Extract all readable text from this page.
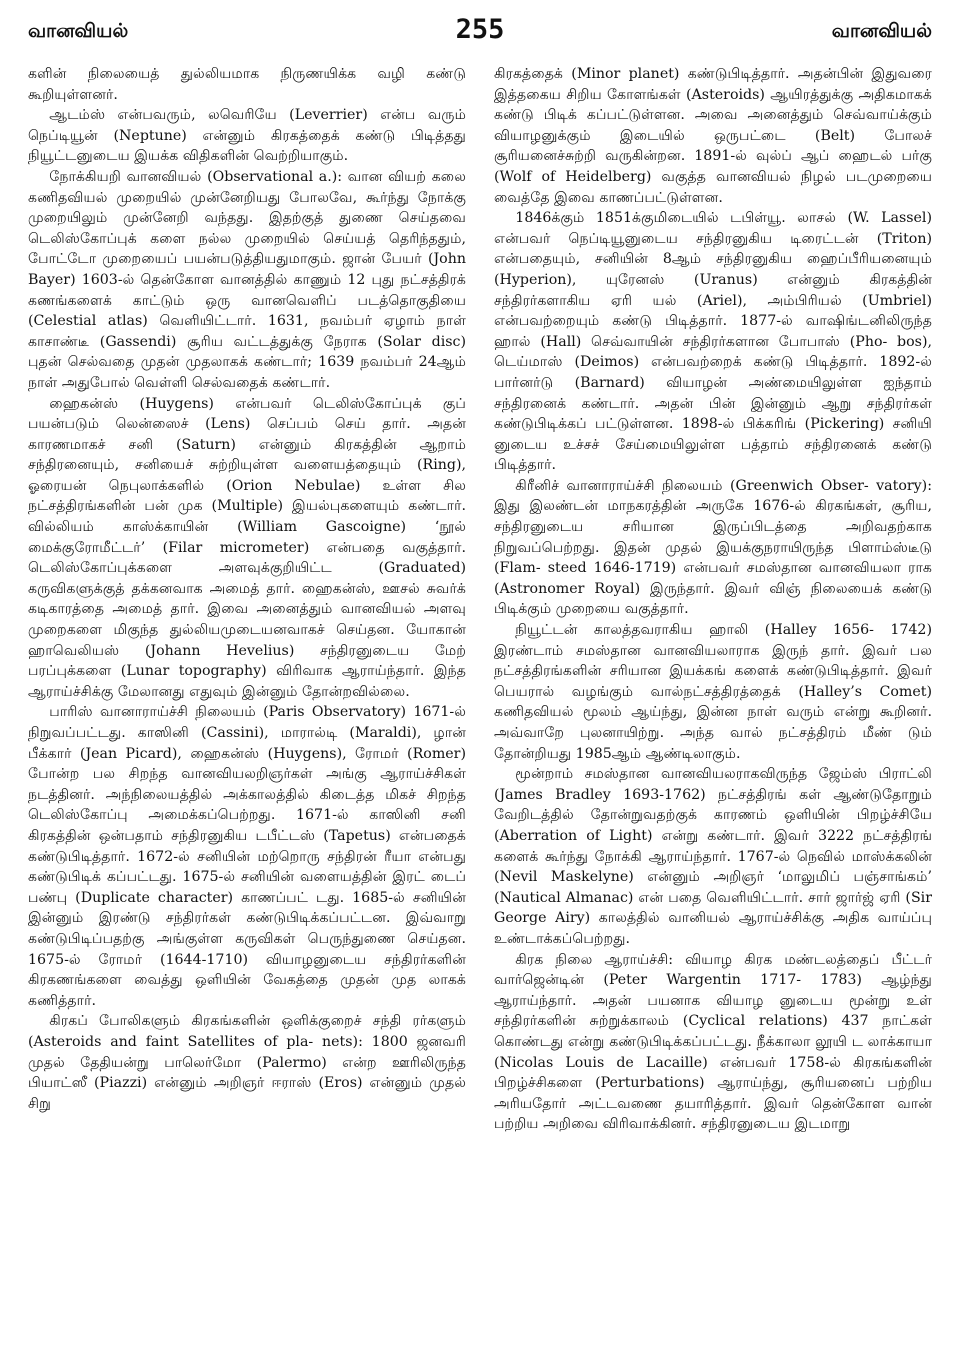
வானவியல்	255	வானவியல்

களின் நிலையைத் துல்லியமாக நிருணயிக்க வழி கண்டு கூறியுள்ளனர்.

ஆடம்ஸ் என்பவரும், லவெரியே (Leverrier) என்ப வரும் நெப்டியூன் (Neptune) என்னும் கிரகத்தைக் கண்டு பிடித்தது நியூட்டனுடைய இயக்க விதிகளின் வெற்றியாகும்.

நோக்கியறி வானவியல் (Observational a.): வான வியற் கலை கணிதவியல் முறையில் முன்னேறியது போலவே, கூர்ந்து நோக்கு முறையிலும் முன்னேறி வந்தது. இதற்குத் துணை செய்தவை டெலிஸ்கோப்புக் களை நல்ல முறையில் செய்யத் தெரிந்ததும், போட்டோ முறையைப் பயன்படுத்தியதுமாகும். ஜான் பேயர் (John Bayer) 1603-ல் தென்கோள வானத்தில் காணும் 12 புது நட்சத்திரக் கணங்களைக் காட்டும் ஒரு வானவெளிப் படத்தொகுதியை (Celestial atlas) வெளியிட்டார். 1631, நவம்பர் ஏழாம் நாள் காசாண்டீ (Gassendi) சூரிய வட்டத்துக்கு நேராக (Solar disc) புதன் செல்வதை முதன் முதலாகக் கண்டார்; 1639 நவம்பர் 24ஆம் நாள் அதுபோல் வெள்ளி செல்வதைக் கண்டார்.

ஹைகன்ஸ் (Huygens) என்பவர் டெலிஸ்கோப்புக் குப் பயன்படும் லென்ஸைச் (Lens) செப்பம் செய் தார். அதன் காரணமாகச் சனி (Saturn) என்னும் கிரகத்தின் ஆறாம் சந்திரனையும், சனியைச் சுற்றியுள்ள வளையத்தையும் (Ring), ஓரையன் நெபுலாக்களில் (Orion Nebulae) உள்ள சில நட்சத்திரங்களின் பன் முக (Multiple) இயல்புகளையும் கண்டார். வில்லியம் காஸ்க்காயின் (William Gascoigne) ‘நூல் மைக்குரோமீட்டர்’ (Filar micrometer) என்பதை வகுத்தார். டெலிஸ்கோப்புக்களை அளவுக்குறியிட்ட (Graduated) கருவிகளுக்குத் தக்கனவாக அமைத் தார். ஹைகன்ஸ், ஊசல் சுவர்க் கடிகாரத்தை அமைத் தார். இவை அனைத்தும் வானவியல் அளவு முறைகளை மிகுந்த துல்லியமுடையனவாகச் செய்தன. யோகான் ஹாவெலியஸ் (Johann Hevelius) சந்திரனுடைய மேற் பரப்புக்களை (Lunar topography) விரிவாக ஆராய்ந்தார். இந்த ஆராய்ச்சிக்கு மேலானது எதுவும் இன்னும் தோன்றவில்லை.

பாரிஸ் வானாராய்ச்சி நிலையம் (Paris Observatory) 1671-ல் நிறுவப்பட்டது. காஸினி (Cassini), மாரால்டி (Maraldi), ழான் பீக்கார் (Jean Picard), ஹைகன்ஸ் (Huygens), ரோமர் (Romer) போன்ற பல சிறந்த வானவியலறிஞர்கள் அங்கு ஆராய்ச்சிகள் நடத்தினர். அந்நிலையத்தில் அக்காலத்தில் கிடைத்த மிகச் சிறந்த டெலிஸ்கோப்பு அமைக்கப்பெற்றது. 1671-ல் காஸினி சனி கிரகத்தின் ஒன்பதாம் சந்திரனுகிய டபீட்டஸ் (Tapetus) என்பதைக் கண்டுபிடித்தார். 1672-ல் சனியின் மற்றொரு சந்திரன் ரீயா என்பது கண்டுபிடிக் கப்பட்டது. 1675-ல் சனியின் வளையத்தின் இரட் டைப் பண்பு (Duplicate character) காணப்பட் டது. 1685-ல் சனியின் இன்னும் இரண்டு சந்திரர்கள் கண்டுபிடிக்கப்பட்டன. இவ்வாறு கண்டுபிடிப்பதற்கு அங்குள்ள கருவிகள் பெருந்துணை செய்தன. 1675-ல் ரோமர் (1644-1710) வியாழனுடைய சந்திரர்களின் கிரகணங்களை வைத்து ஒளியின் வேகத்தை முதன் முத லாகக் கணித்தார்.

கிரகப் போலிகளும் கிரகங்களின் ஒளிக்குறைச் சந்தி ரர்களும் (Asteroids and faint Satellites of pla- nets): 1800 ஜனவரி முதல் தேதியன்று பாலெர்மோ (Palermo) என்ற ஊரிலிருந்த பியாட்ஸீ (Piazzi) என்னும் அறிஞர் ஈராஸ் (Eros) என்னும் முதல் சிறு

கிரகத்தைக் (Minor planet) கண்டுபிடித்தார். அதன்பின் இதுவரை இத்தகைய சிறிய கோளங்கள் (Asteroids) ஆயிரத்துக்கு அதிகமாகக் கண்டு பிடிக் கப்பட்டுள்ளன. அவை அனைத்தும் செவ்வாய்க்கும் வியாழனுக்கும் இடையில் ஒருபட்டை (Belt) போலச் சூரியனைச்சுற்றி வருகின்றன. 1891-ல் வுல்ப் ஆப் ஹைடல் பர்கு (Wolf of Heidelberg) வகுத்த வானவியல் நிழல் படமுறையை வைத்தே இவை காணப்பட்டுள்ளன.

1846க்கும் 1851க்குமிடையில் டபிள்யூ. லாசல் (W. Lassel) என்பவர் நெப்டியூனுடைய சந்திரனுகிய டிரைட்டன் (Triton) என்பதையும், சனியின் 8ஆம் சந்திரனுகிய ஹைப்பீரியனையும் (Hyperion), யுரேனஸ் (Uranus) என்னும் கிரகத்தின் சந்திரர்களாகிய ஏரி யல் (Ariel), அம்பிரியல் (Umbriel) என்பவற்றையும் கண்டு பிடித்தார். 1877-ல் வாஷிங்டனிலிருந்த ஹால் (Hall) செவ்வாயின் சந்திரர்களான போபாஸ் (Pho- bos), டெய்மாஸ் (Deimos) என்பவற்றைக் கண்டு பிடித்தார். 1892-ல் பார்னர்டு (Barnard) வியாழன் அண்மையிலுள்ள ஐந்தாம் சந்திரனைக் கண்டார். அதன் பின் இன்னும் ஆறு சந்திரர்கள் கண்டுபிடிக்கப் பட்டுள்ளன. 1898-ல் பிக்கரிங் (Pickering) சனியி னுடைய உச்சச் சேய்மையிலுள்ள பத்தாம் சந்திரனைக் கண்டு பிடித்தார்.

கிரீனிச் வானாராய்ச்சி நிலையம் (Greenwich Obser- vatory): இது இலண்டன் மாநகரத்தின் அருகே 1676-ல் கிரகங்கள், சூரிய, சந்திரனுடைய சரியான இருப்பிடத்தை அறிவதற்காக நிறுவப்பெற்றது. இதன் முதல் இயக்குநராயிருந்த பிளாம்ஸ்டீடு (Flam- steed 1646-1719) என்பவர் சமஸ்தான வானவியலா ராக (Astronomer Royal) இருந்தார். இவர் விஞ் நிலையைக் கண்டு பிடிக்கும் முறையை வகுத்தார்.

நியூட்டன் காலத்தவராகிய ஹாலி (Halley 1656- 1742) இரண்டாம் சமஸ்தான வானவியலாராக இருந் தார். இவர் பல நட்சத்திரங்களின் சரியான இயக்கங் களைக் கண்டுபிடித்தார். இவர் பெயரால் வழங்கும் வால்நட்சத்திரத்தைக் (Halley’s Comet) கணிதவியல் மூலம் ஆய்ந்து, இன்ன நாள் வரும் என்று கூறினர். அவ்வாறே புலனாயிற்று. அந்த வால் நட்சத்திரம் மீண் டும் தோன்றியது 1985ஆம் ஆண்டிலாகும்.

மூன்றாம் சமஸ்தான வானவியலராகவிருந்த ஜேம்ஸ் பிராட்லி (James Bradley 1693-1762) நட்சத்திரங் கள் ஆண்டுதோறும் வேறிடத்தில் தோன்றுவதற்குக் காரணம் ஒளியின் பிறழ்ச்சியே (Aberration of Light) என்று கண்டார். இவர் 3222 நட்சத்திரங் களைக் கூர்ந்து நோக்கி ஆராய்ந்தார். 1767-ல் நெவில் மாஸ்க்கலின் (Nevil Maskelyne) என்னும் அறிஞர் ‘மாலுமிப் பஞ்சாங்கம்’ (Nautical Almanac) என் பதை வெளியிட்டார். சார் ஜார்ஜ் ஏரி (Sir George Airy) காலத்தில் வானியல் ஆராய்ச்சிக்கு அதிக வாய்ப்பு உண்டாக்கப்பெற்றது.

கிரக நிலை ஆராய்ச்சி: வியாழ கிரக மண்டலத்தைப் பீட்டர் வார்ஜென்டின் (Peter Wargentin 1717- 1783) ஆழ்ந்து ஆராய்ந்தார். அதன் பயனாக வியாழ னுடைய மூன்று உள் சந்திரர்களின் சுற்றுக்காலம் (Cyclical relations) 437 நாட்கள் கொண்டது என்று கண்டுபிடிக்கப்பட்டது. நீக்காலா லூயி ட லாக்காயா (Nicolas Louis de Lacaille) என்பவர் 1758-ல் கிரகங்களின் பிறழ்ச்சிகளை (Perturbations) ஆராய்ந்து, சூரியனைப் பற்றிய அரியதோர் அட்டவணை தயாரித்தார். இவர் தென்கோள வான் பற்றிய அறிவை விரிவாக்கினர். சந்திரனுடைய இடமாறு
